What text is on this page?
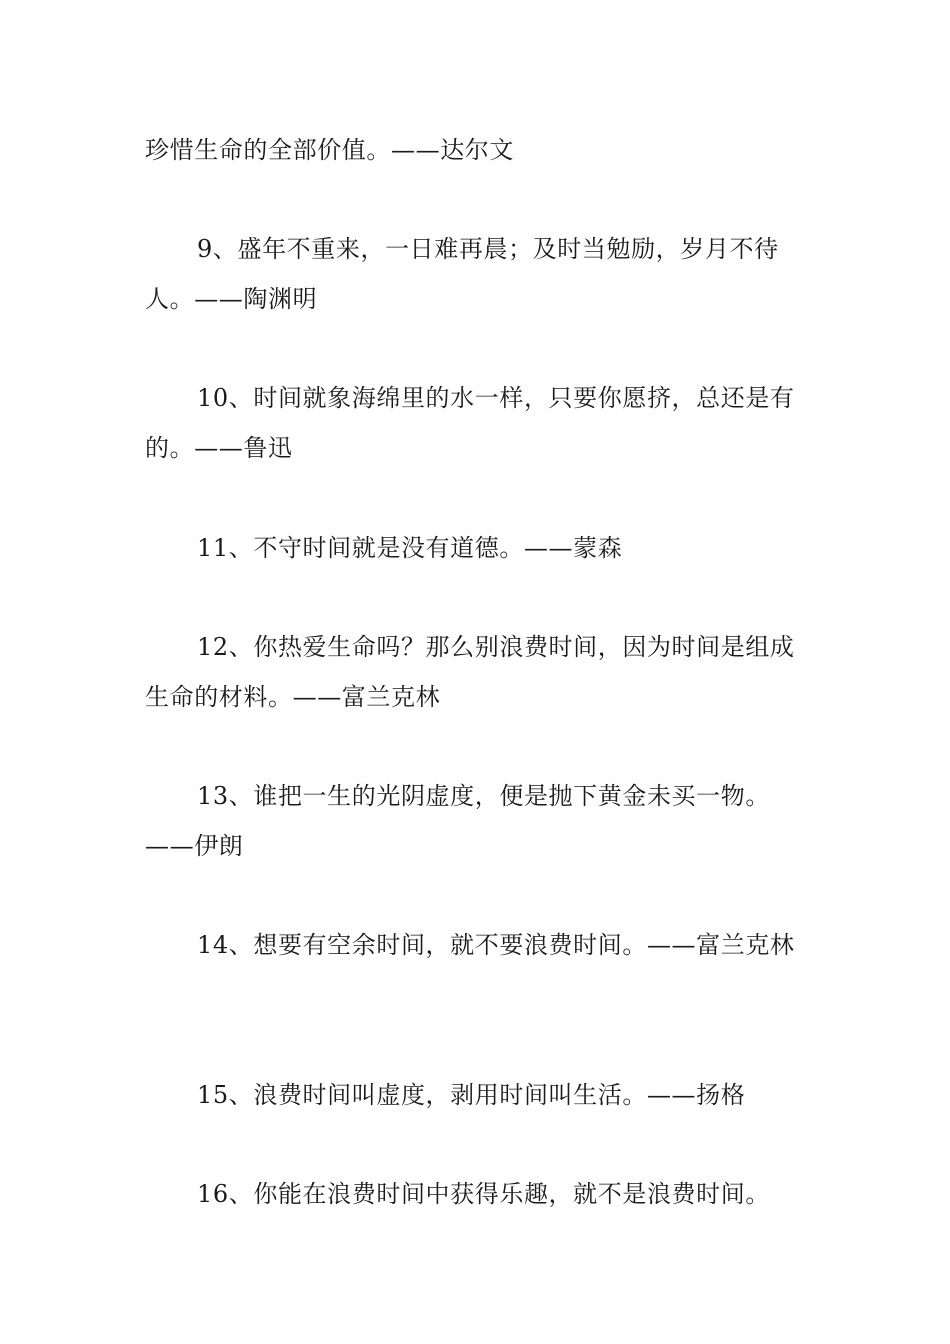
珍惜生命的全部价值。——达尔文

9、盛年不重来，一日难再晨；及时当勉励，岁月不待人。——陶渊明

10、时间就象海绵里的水一样，只要你愿挤，总还是有的。——鲁迅

11、不守时间就是没有道德。——蒙森

12、你热爱生命吗？那么别浪费时间，因为时间是组成生命的材料。——富兰克林

13、谁把一生的光阴虚度，便是抛下黄金未买一物。——伊朗

14、想要有空余时间，就不要浪费时间。——富兰克林

15、浪费时间叫虚度，剥用时间叫生活。——扬格

16、你能在浪费时间中获得乐趣，就不是浪费时间。
